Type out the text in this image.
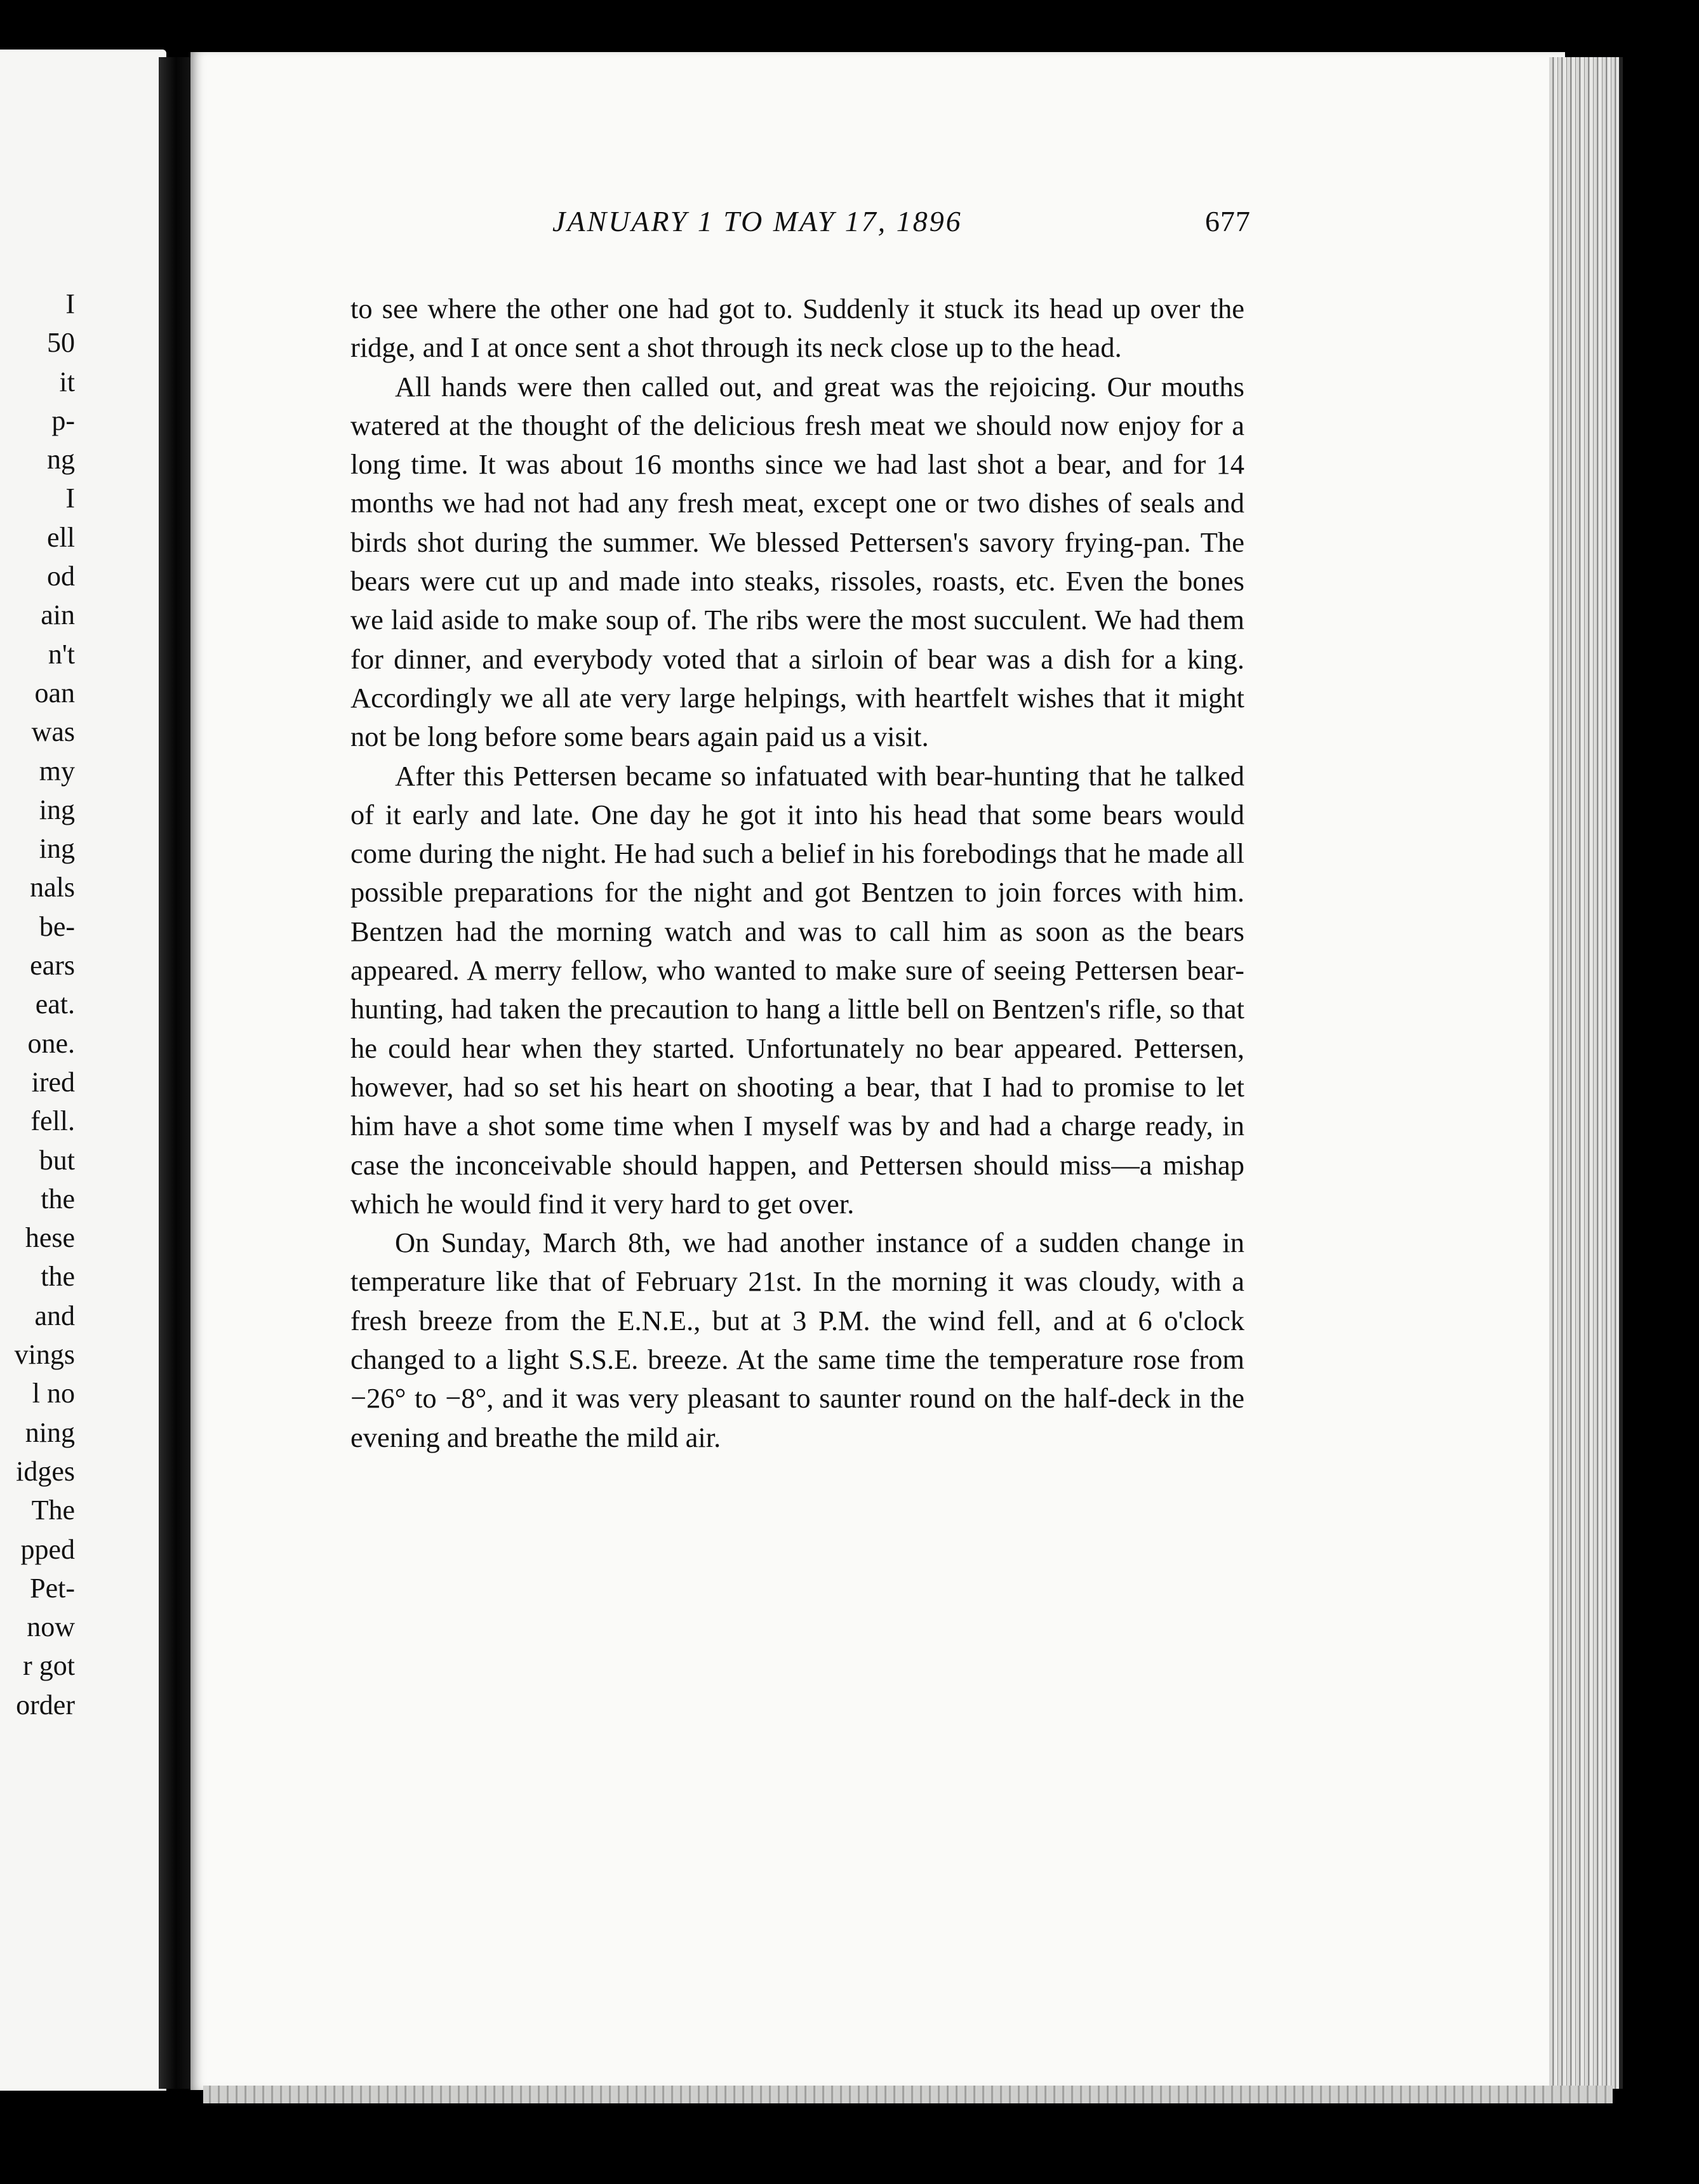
I
50
it
p-
ng
I
ell
od
ain
n't
oan
was
my
ing
ing
nals
be-
ears
eat.
one.
ired
fell.
but
the
hese
the
and
vings
l no
ning
idges
The
pped
Pet-
now
r got
order
JANUARY 1 TO MAY 17, 1896	677

to see where the other one had got to. Suddenly it stuck its head up over the ridge, and I at once sent a shot through its neck close up to the head.

All hands were then called out, and great was the rejoicing. Our mouths watered at the thought of the delicious fresh meat we should now enjoy for a long time. It was about 16 months since we had last shot a bear, and for 14 months we had not had any fresh meat, except one or two dishes of seals and birds shot during the summer. We blessed Pettersen's savory frying-pan. The bears were cut up and made into steaks, rissoles, roasts, etc. Even the bones we laid aside to make soup of. The ribs were the most succulent. We had them for dinner, and everybody voted that a sirloin of bear was a dish for a king. Accordingly we all ate very large helpings, with heartfelt wishes that it might not be long before some bears again paid us a visit.

After this Pettersen became so infatuated with bear-hunting that he talked of it early and late. One day he got it into his head that some bears would come during the night. He had such a belief in his forebodings that he made all possible preparations for the night and got Bentzen to join forces with him. Bentzen had the morning watch and was to call him as soon as the bears appeared. A merry fellow, who wanted to make sure of seeing Pettersen bear-hunting, had taken the precaution to hang a little bell on Bentzen's rifle, so that he could hear when they started. Unfortunately no bear appeared. Pettersen, however, had so set his heart on shooting a bear, that I had to promise to let him have a shot some time when I myself was by and had a charge ready, in case the inconceivable should happen, and Pettersen should miss—a mishap which he would find it very hard to get over.

On Sunday, March 8th, we had another instance of a sudden change in temperature like that of February 21st. In the morning it was cloudy, with a fresh breeze from the E.N.E., but at 3 P.M. the wind fell, and at 6 o'clock changed to a light S.S.E. breeze. At the same time the temperature rose from −26° to −8°, and it was very pleasant to saunter round on the half-deck in the evening and breathe the mild air.
